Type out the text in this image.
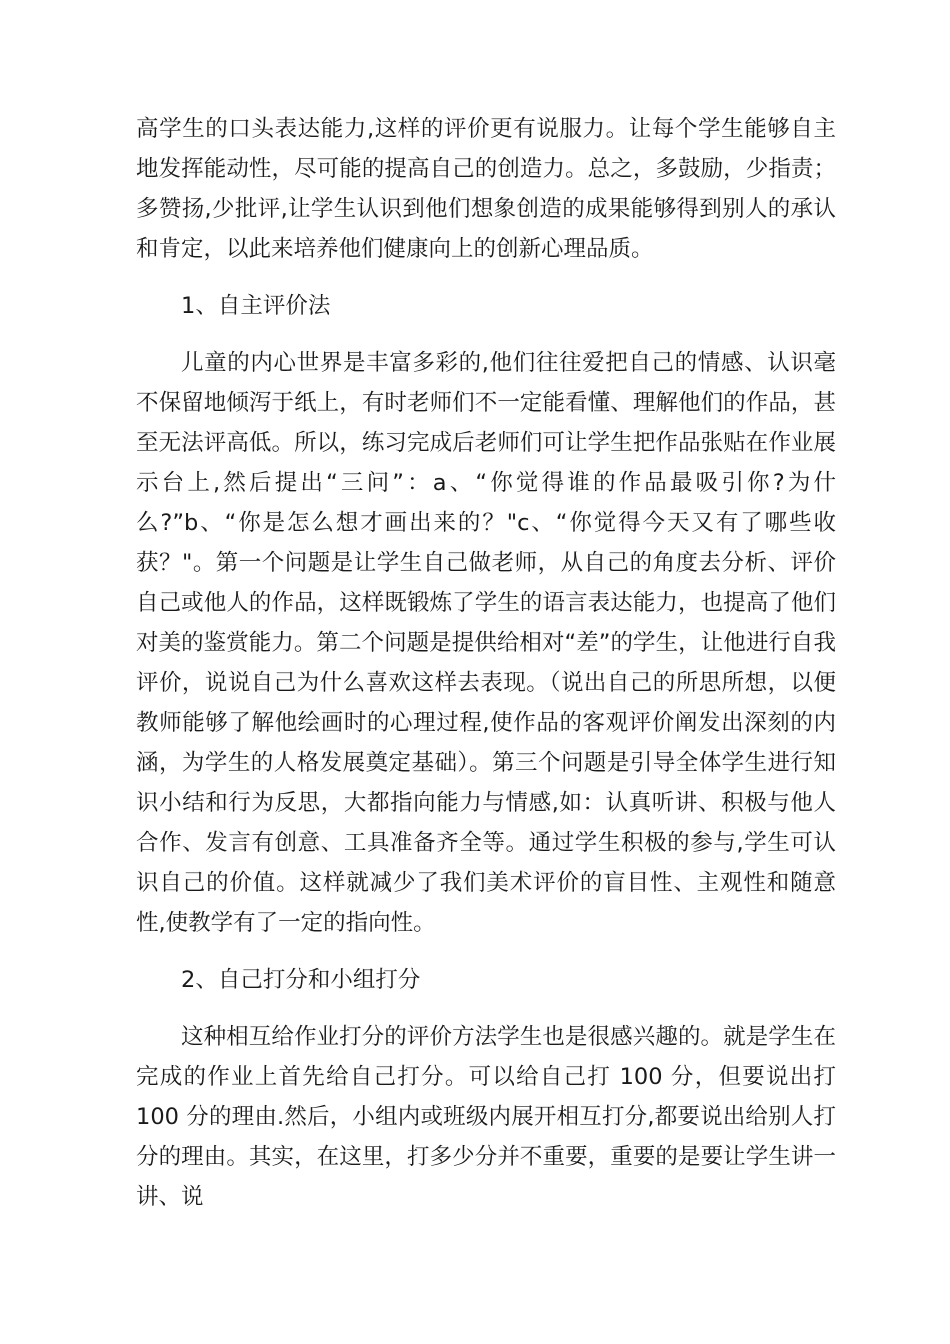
高学生的口头表达能力,这样的评价更有说服力。让每个学生能够自主地发挥能动性，尽可能的提高自己的创造力。总之，多鼓励，少指责；多赞扬,少批评,让学生认识到他们想象创造的成果能够得到别人的承认和肯定，以此来培养他们健康向上的创新心理品质。

1、自主评价法

儿童的内心世界是丰富多彩的,他们往往爱把自己的情感、认识毫不保留地倾泻于纸上，有时老师们不一定能看懂、理解他们的作品，甚至无法评高低。所以，练习完成后老师们可让学生把作品张贴在作业展示台上,然后提出“三问”：a、“你觉得谁的作品最吸引你?为什么?”b、“你是怎么想才画出来的？"c、“你觉得今天又有了哪些收获？"。第一个问题是让学生自己做老师，从自己的角度去分析、评价自己或他人的作品，这样既锻炼了学生的语言表达能力，也提高了他们对美的鉴赏能力。第二个问题是提供给相对“差”的学生，让他进行自我评价，说说自己为什么喜欢这样去表现。（说出自己的所思所想，以便教师能够了解他绘画时的心理过程,使作品的客观评价阐发出深刻的内涵，为学生的人格发展奠定基础）。第三个问题是引导全体学生进行知识小结和行为反思，大都指向能力与情感,如：认真听讲、积极与他人合作、发言有创意、工具准备齐全等。通过学生积极的参与,学生可认识自己的价值。这样就减少了我们美术评价的盲目性、主观性和随意性,使教学有了一定的指向性。

2、自己打分和小组打分

这种相互给作业打分的评价方法学生也是很感兴趣的。就是学生在完成的作业上首先给自己打分。可以给自己打 100 分，但要说出打 100 分的理由.然后，小组内或班级内展开相互打分,都要说出给别人打分的理由。其实，在这里，打多少分并不重要，重要的是要让学生讲一讲、说
